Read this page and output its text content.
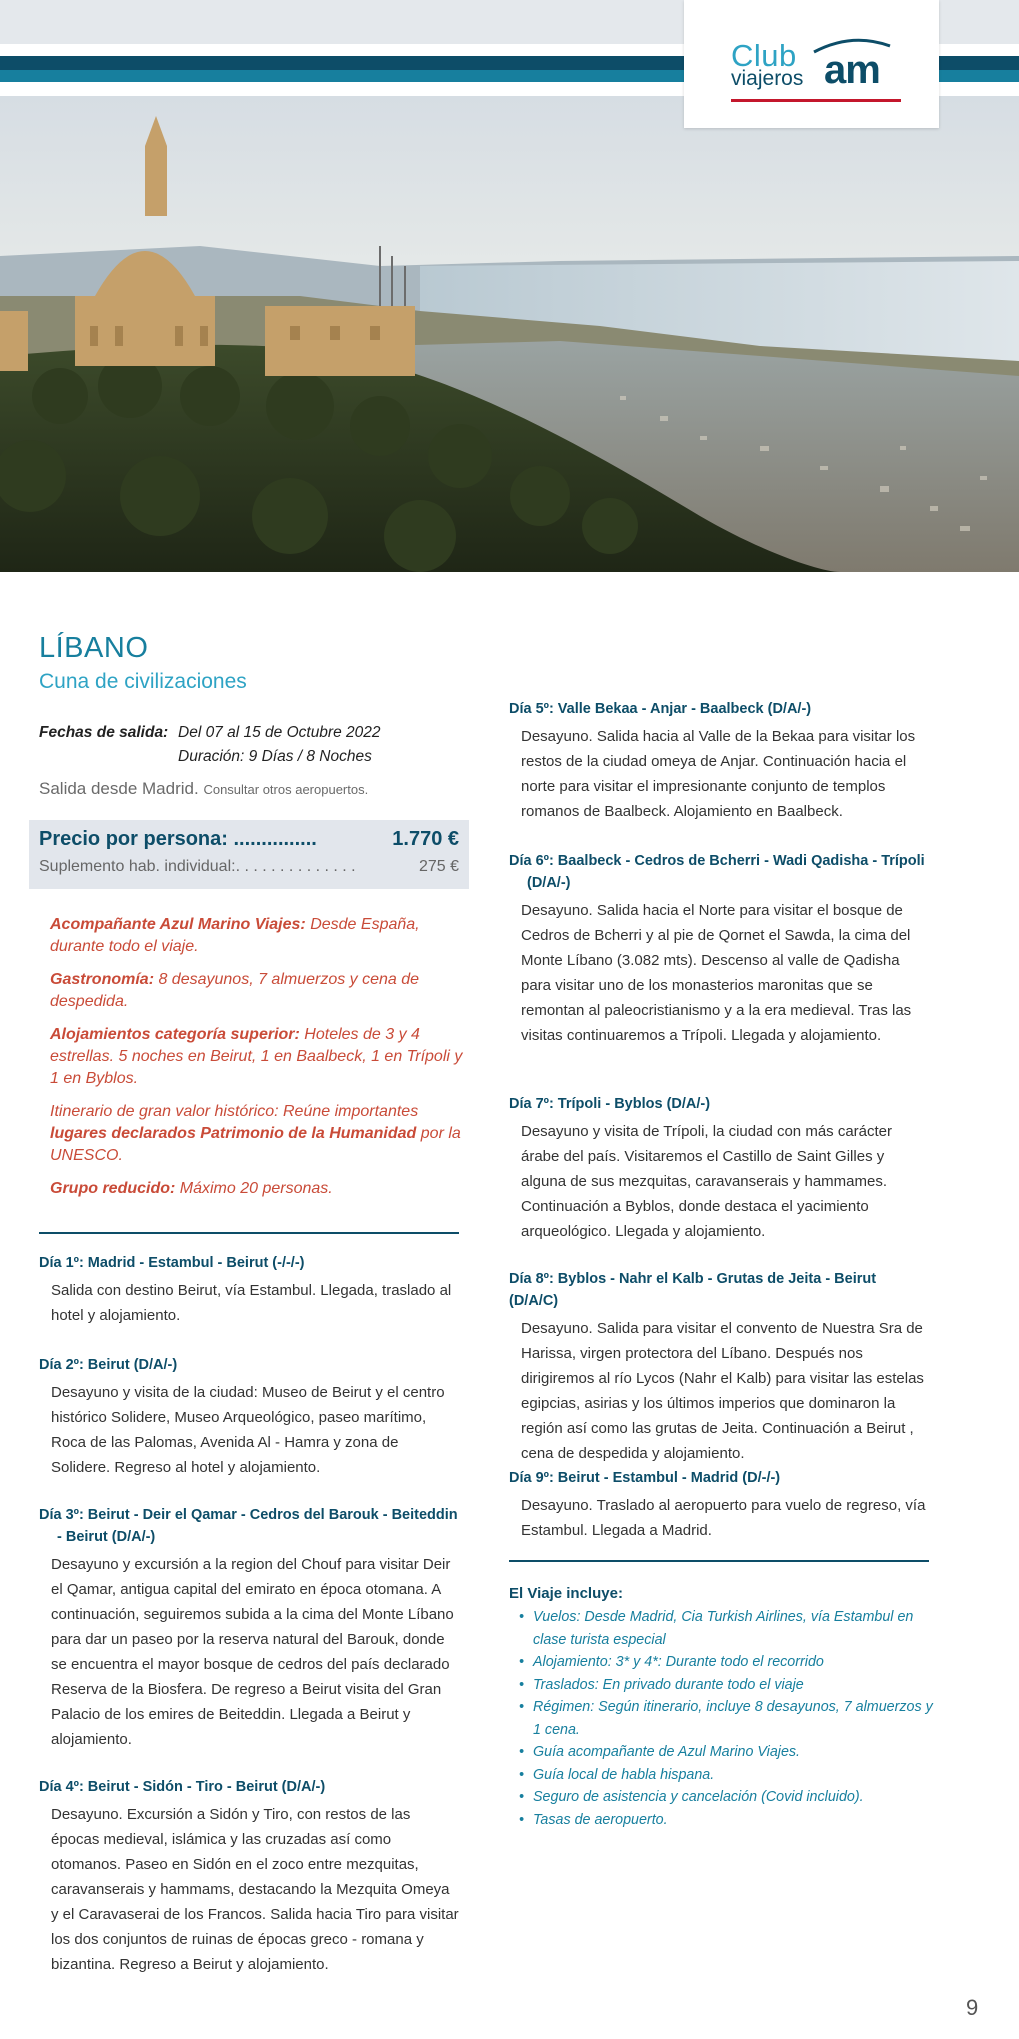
Club
viajeros am
LÍBANO
Cuna de civilizaciones
Fechas de salida: Del 07 al 15 de Octubre 2022
Duración: 9 Días / 8 Noches
Salida desde Madrid. Consultar otros aeropuertos.
Precio por persona: ...............	1.770 €
Suplemento hab. individual:. . . . . . . . . . . . . .	275 €

Acompañante Azul Marino Viajes: Desde España, durante todo el viaje.

Gastronomía: 8 desayunos, 7 almuerzos y cena de despedida.

Alojamientos categoría superior: Hoteles de 3 y 4 estrellas. 5 noches en Beirut, 1 en Baalbeck, 1 en Trípoli y 1 en Byblos.

Itinerario de gran valor histórico: Reúne importantes lugares declarados Patrimonio de la Humanidad por la UNESCO.

Grupo reducido: Máximo 20 personas.

Día 1º: Madrid - Estambul - Beirut (-/-/-)
Salida con destino Beirut, vía Estambul. Llegada, traslado al hotel y alojamiento.
Día 2º: Beirut (D/A/-)
Desayuno y visita de la ciudad: Museo de Beirut y el centro histórico Solidere, Museo Arqueológico, paseo marítimo, Roca de las Palomas, Avenida Al - Hamra y zona de Solidere. Regreso al hotel y alojamiento.
Día 3º: Beirut - Deir el Qamar - Cedros del Barouk - Beiteddin
- Beirut (D/A/-)
Desayuno y excursión a la region del Chouf para visitar Deir el Qamar, antigua capital del emirato en época otomana. A continuación, seguiremos subida a la cima del Monte Líbano para dar un paseo por la reserva natural del Barouk, donde se encuentra el mayor bosque de cedros del país declarado Reserva de la Biosfera. De regreso a Beirut visita del Gran Palacio de los emires de Beiteddin. Llegada a Beirut y alojamiento.
Día 4º: Beirut - Sidón - Tiro - Beirut (D/A/-)
Desayuno. Excursión a Sidón y Tiro, con restos de las épocas medieval, islámica y las cruzadas así como otomanos. Paseo en Sidón en el zoco entre mezquitas, caravanserais y hammams, destacando la Mezquita Omeya y el Caravaserai de los Francos. Salida hacia Tiro para visitar los dos conjuntos de ruinas de épocas greco - romana y bizantina. Regreso a Beirut y alojamiento.
Día 5º: Valle Bekaa - Anjar - Baalbeck (D/A/-)
Desayuno. Salida hacia al Valle de la Bekaa para visitar los restos de la ciudad omeya de Anjar. Continuación hacia el norte para visitar el impresionante conjunto de templos romanos de Baalbeck. Alojamiento en Baalbeck.
Día 6º: Baalbeck - Cedros de Bcherri - Wadi Qadisha - Trípoli
(D/A/-)
Desayuno. Salida hacia el Norte para visitar el bosque de Cedros de Bcherri y al pie de Qornet el Sawda, la cima del Monte Líbano (3.082 mts). Descenso al valle de Qadisha para visitar uno de los monasterios maronitas que se remontan al paleocristianismo y a la era medieval. Tras las visitas continuaremos a Trípoli. Llegada y alojamiento.
Día 7º: Trípoli - Byblos (D/A/-)
Desayuno y visita de Trípoli, la ciudad con más carácter árabe del país. Visitaremos el Castillo de Saint Gilles y alguna de sus mezquitas, caravanserais y hammames. Continuación a Byblos, donde destaca el yacimiento arqueológico. Llegada y alojamiento.
Día 8º: Byblos - Nahr el Kalb - Grutas de Jeita - Beirut (D/A/C)
Desayuno. Salida para visitar el convento de Nuestra Sra de Harissa, virgen protectora del Líbano. Después nos dirigiremos al río Lycos (Nahr el Kalb) para visitar las estelas egipcias, asirias y los últimos imperios que dominaron la región así como las grutas de Jeita. Continuación a Beirut , cena de despedida y alojamiento.
Día 9º: Beirut - Estambul - Madrid (D/-/-)
Desayuno. Traslado al aeropuerto para vuelo de regreso, vía Estambul. Llegada a Madrid.
El Viaje incluye:
• Vuelos: Desde Madrid, Cia Turkish Airlines, vía Estambul en clase turista especial
• Alojamiento: 3* y 4*: Durante todo el recorrido
• Traslados: En privado durante todo el viaje
• Régimen: Según itinerario, incluye 8 desayunos, 7 almuerzos y 1 cena.
• Guía acompañante de Azul Marino Viajes.
• Guía local de habla hispana.
• Seguro de asistencia y cancelación (Covid incluido).
• Tasas de aeropuerto.
9
